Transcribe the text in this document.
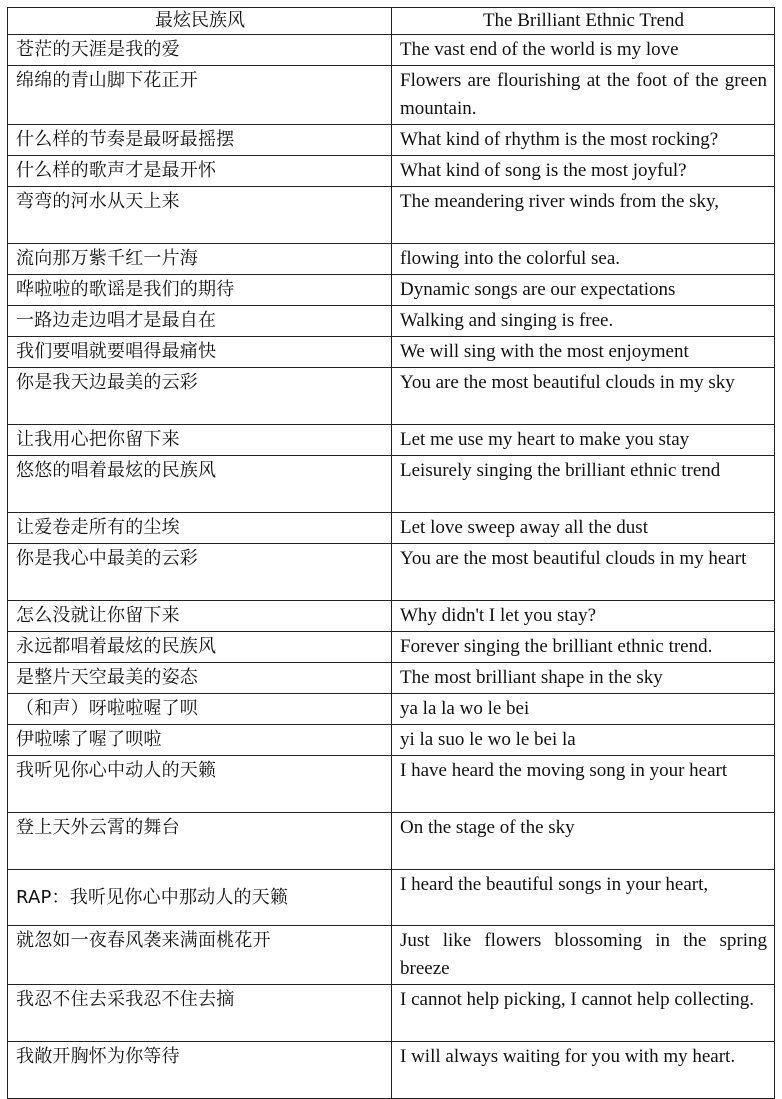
最炫民族风	The Brilliant Ethnic Trend
苍茫的天涯是我的爱	The vast end of the world is my love
绵绵的青山脚下花正开	Flowers are flourishing at the foot of the green mountain.
什么样的节奏是最呀最摇摆	What kind of rhythm is the most rocking?
什么样的歌声才是最开怀	What kind of song is the most joyful?
弯弯的河水从天上来	The meandering river winds from the sky,
流向那万紫千红一片海	flowing into the colorful sea.
哗啦啦的歌谣是我们的期待	Dynamic songs are our expectations
一路边走边唱才是最自在	Walking and singing is free.
我们要唱就要唱得最痛快	We will sing with the most enjoyment
你是我天边最美的云彩	You are the most beautiful clouds in my sky
让我用心把你留下来	Let me use my heart to make you stay
悠悠的唱着最炫的民族风	Leisurely singing the brilliant ethnic trend
让爱卷走所有的尘埃	Let love sweep away all the dust
你是我心中最美的云彩	You are the most beautiful clouds in my heart
怎么没就让你留下来	Why didn't I let you stay?
永远都唱着最炫的民族风	Forever singing the brilliant ethnic trend.
是整片天空最美的姿态	The most brilliant shape in the sky
（和声）呀啦啦喔了呗	ya la la wo le bei
伊啦嗦了喔了呗啦	yi la suo le wo le bei la
我听见你心中动人的天籁	I have heard the moving song in your heart
登上天外云霄的舞台	On the stage of the sky
RAP：我听见你心中那动人的天籁	I heard the beautiful songs in your heart,
就忽如一夜春风袭来满面桃花开	Just like flowers blossoming in the spring breeze
我忍不住去采我忍不住去摘	I cannot help picking, I cannot help collecting.
我敞开胸怀为你等待	I will always waiting for you with my heart.
